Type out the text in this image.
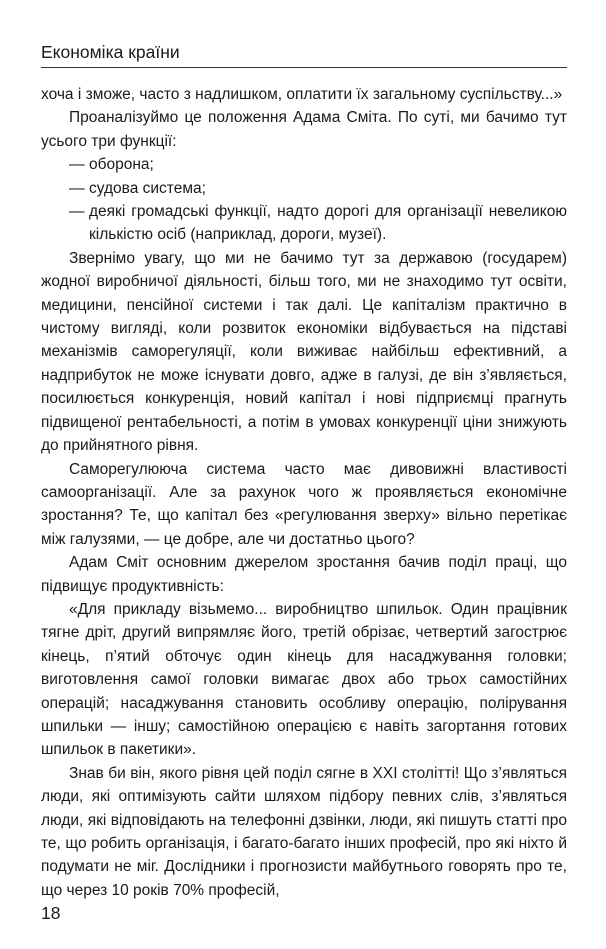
Економіка країни

хоча і зможе, часто з надлишком, оплатити їх загальному суспільству...»

Проаналізуймо це положення Адама Сміта. По суті, ми бачимо тут усього три функції:

— оборона;
— судова система;
— деякі громадські функції, надто дорогі для організації невеликою кількістю осіб (наприклад, дороги, музеї).

Звернімо увагу, що ми не бачимо тут за державою (государем) жодної виробничої діяльності, більш того, ми не знаходимо тут освіти, медицини, пенсійної системи і так далі. Це капіталізм практично в чистому вигляді, коли розвиток економіки відбувається на підставі механізмів саморегуляції, коли виживає найбільш ефективний, а надприбуток не може існувати довго, адже в галузі, де він з’являється, посилюється конкуренція, новий капітал і нові підприємці прагнуть підвищеної рентабельності, а потім в умовах конкуренції ціни знижують до прийнятного рівня.

Саморегулююча система часто має дивовижні властивості самоорганізації. Але за рахунок чого ж проявляється економічне зростання? Те, що капітал без «регулювання зверху» вільно перетікає між галузями, — це добре, але чи достатньо цього?

Адам Сміт основним джерелом зростання бачив поділ праці, що підвищує продуктивність:

«Для прикладу візьмемо... виробництво шпильок. Один працівник тягне дріт, другий випрямляє його, третій обрізає, четвертий загострює кінець, п’ятий обточує один кінець для насаджування головки; виготовлення самої головки вимагає двох або трьох самостійних операцій; насаджування становить особливу операцію, полірування шпильки — іншу; самостійною операцією є навіть загортання готових шпильок в пакетики».

Знав би він, якого рівня цей поділ сягне в XXI столітті! Що з’являться люди, які оптимізують сайти шляхом підбору певних слів, з’являться люди, які відповідають на телефонні дзвінки, люди, які пишуть статті про те, що робить організація, і багато-багато інших професій, про які ніхто й подумати не міг. Дослідники і прогнозисти майбутнього говорять про те, що через 10 років 70% професій,

18
